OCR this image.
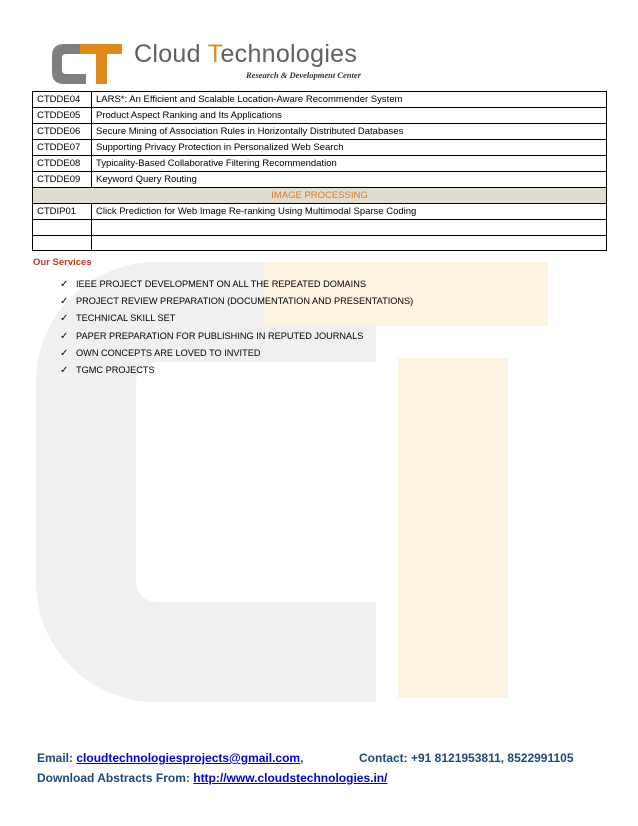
Cloud Technologies
Research & Development Center
CTDDE04	LARS*: An Efficient and Scalable Location-Aware Recommender System
CTDDE05	Product Aspect Ranking and Its Applications
CTDDE06	Secure Mining of Association Rules in Horizontally Distributed Databases
CTDDE07	Supporting Privacy Protection in Personalized Web Search
CTDDE08	Typicality-Based Collaborative Filtering Recommendation
CTDDE09	Keyword Query Routing
IMAGE PROCESSING	
CTDIP01	Click Prediction for Web Image Re-ranking Using Multimodal Sparse Coding

Our Services
✓ IEEE PROJECT DEVELOPMENT ON ALL THE REPEATED DOMAINS
✓ PROJECT REVIEW PREPARATION (DOCUMENTATION AND PRESENTATIONS)
✓ TECHNICAL SKILL SET
✓ PAPER PREPARATION FOR PUBLISHING IN REPUTED JOURNALS
✓ OWN CONCEPTS ARE LOVED TO INVITED
✓ TGMC PROJECTS
Email: cloudtechnologiesprojects@gmail.com,	Contact: +91 8121953811, 8522991105
Download Abstracts From: http://www.cloudstechnologies.in/
